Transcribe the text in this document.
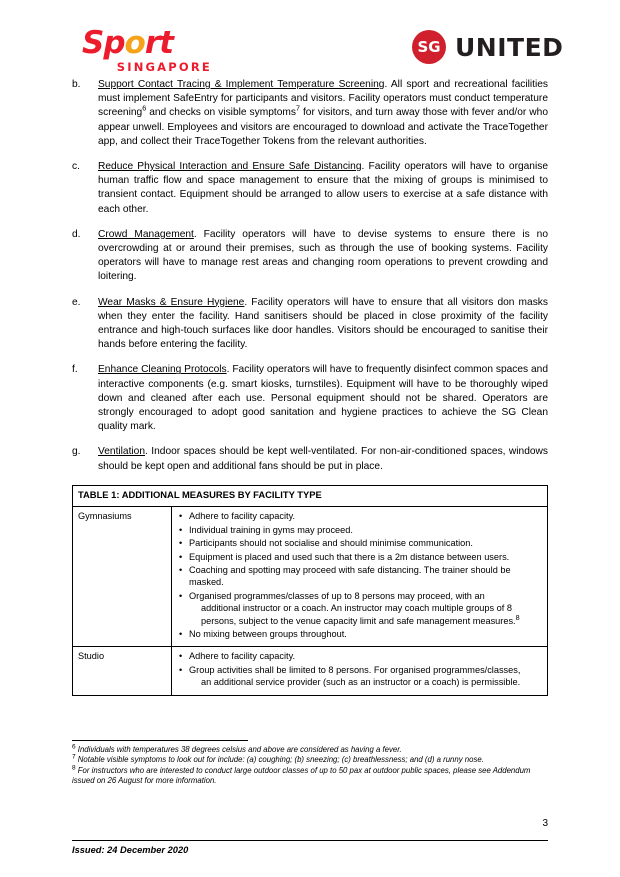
Sport
SINGAPORE
SG UNITED
b.	Support Contact Tracing & Implement Temperature Screening. All sport and recreational facilities must implement SafeEntry for participants and visitors. Facility operators must conduct temperature screening$^6$ and checks on visible symptoms$^7$ for visitors, and turn away those with fever and/or who appear unwell. Employees and visitors are encouraged to download and activate the TraceTogether app, and collect their TraceTogether Tokens from the relevant authorities.
c.	Reduce Physical Interaction and Ensure Safe Distancing. Facility operators will have to organise human traffic flow and space management to ensure that the mixing of groups is minimised to transient contact. Equipment should be arranged to allow users to exercise at a safe distance with each other.
d.	Crowd Management. Facility operators will have to devise systems to ensure there is no overcrowding at or around their premises, such as through the use of booking systems. Facility operators will have to manage rest areas and changing room operations to prevent crowding and loitering.
e.	Wear Masks & Ensure Hygiene. Facility operators will have to ensure that all visitors don masks when they enter the facility. Hand sanitisers should be placed in close proximity of the facility entrance and high-touch surfaces like door handles. Visitors should be encouraged to sanitise their hands before entering the facility.
f.	Enhance Cleaning Protocols. Facility operators will have to frequently disinfect common spaces and interactive components (e.g. smart kiosks, turnstiles). Equipment will have to be thoroughly wiped down and cleaned after each use. Personal equipment should not be shared. Operators are strongly encouraged to adopt good sanitation and hygiene practices to achieve the SG Clean quality mark.
g.	Ventilation. Indoor spaces should be kept well-ventilated. For non-air-conditioned spaces, windows should be kept open and additional fans should be put in place.
TABLE 1: ADDITIONAL MEASURES BY FACILITY TYPE	
Gymnasiums	
•Adhere to facility capacity.
• Individual training in gyms may proceed.
• Participants should not socialise and should minimise communication.
• Equipment is placed and used such that there is a 2m distance between users.
• Coaching and spotting may proceed with safe distancing. The trainer should be masked.
• Organised programmes/classes of up to 8 persons may proceed, with an
additional instructor or a coach. An instructor may coach multiple groups of 8 persons, subject to the venue capacity limit and safe management measures.$^8$
• No mixing between groups throughout.

Studio	
•Adhere to facility capacity.
• Group activities shall be limited to 8 persons. For organised programmes/classes,
an additional service provider (such as an instructor or a coach) is permissible.

$^6$ Individuals with temperatures 38 degrees celsius and above are considered as having a fever.

$^7$ Notable visible symptoms to look out for include: (a) coughing; (b) sneezing; (c) breathlessness; and (d) a runny nose.

$^8$ For instructors who are interested to conduct large outdoor classes of up to 50 pax at outdoor public spaces, please see Addendum issued on 26 August for more information.

3
Issued: 24 December 2020
